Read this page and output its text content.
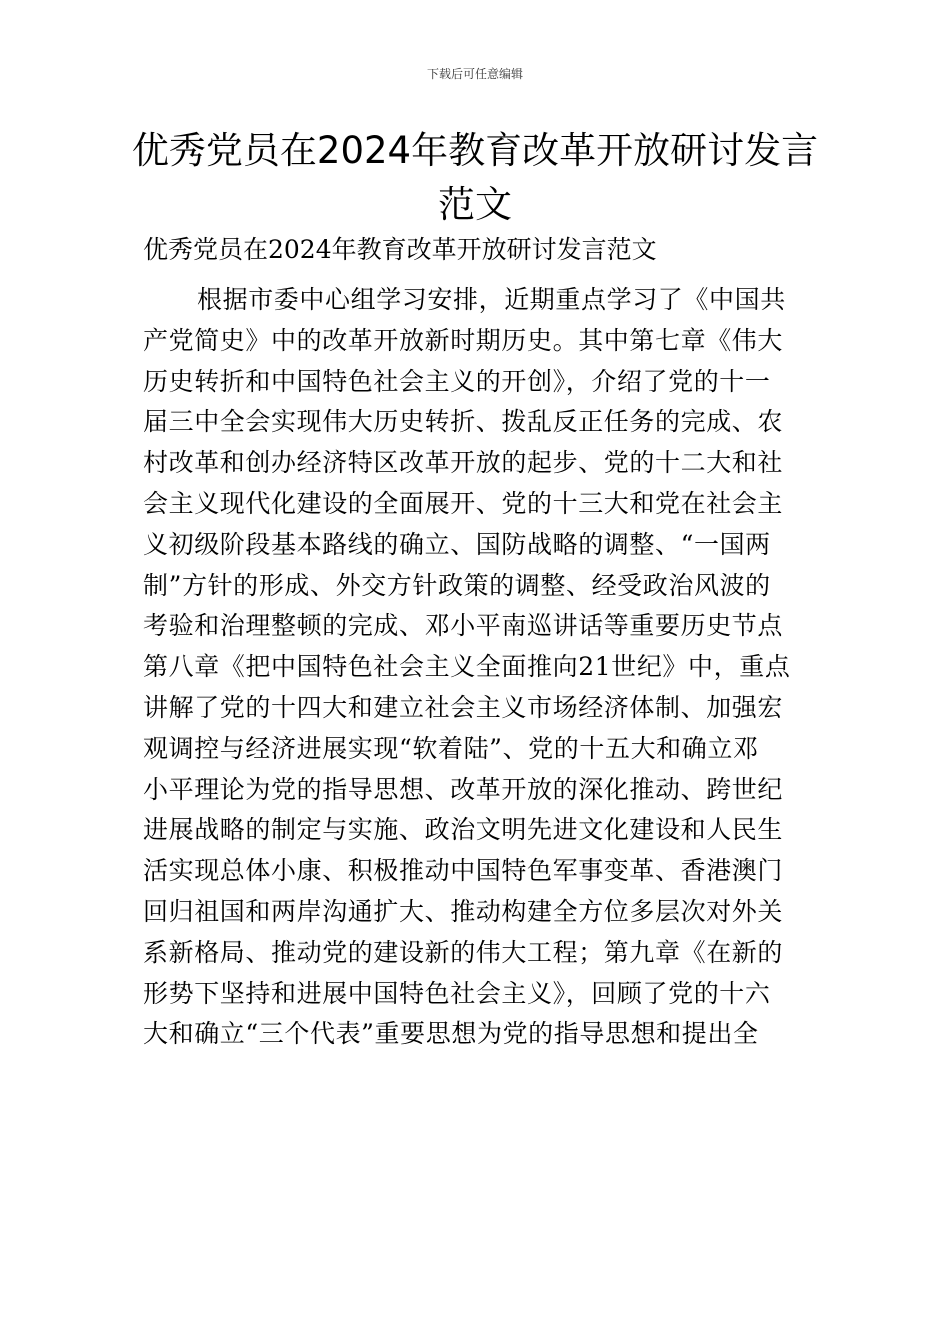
下载后可任意编辑
优秀党员在2024年教育改革开放研讨发言
范文

优秀党员在2024年教育改革开放研讨发言范文

根据市委中心组学习安排，近期重点学习了《中国共
产党简史》中的改革开放新时期历史。其中第七章《伟大
历史转折和中国特色社会主义的开创》，介绍了党的十一
届三中全会实现伟大历史转折、拨乱反正任务的完成、农
村改革和创办经济特区改革开放的起步、党的十二大和社
会主义现代化建设的全面展开、党的十三大和党在社会主
义初级阶段基本路线的确立、国防战略的调整、“一国两
制”方针的形成、外交方针政策的调整、经受政治风波的
考验和治理整顿的完成、邓小平南巡讲话等重要历史节点
第八章《把中国特色社会主义全面推向21世纪》中，重点
讲解了党的十四大和建立社会主义市场经济体制、加强宏
观调控与经济进展实现“软着陆”、党的十五大和确立邓
小平理论为党的指导思想、改革开放的深化推动、跨世纪
进展战略的制定与实施、政治文明先进文化建设和人民生
活实现总体小康、积极推动中国特色军事变革、香港澳门
回归祖国和两岸沟通扩大、推动构建全方位多层次对外关
系新格局、推动党的建设新的伟大工程；第九章《在新的
形势下坚持和进展中国特色社会主义》，回顾了党的十六
大和确立“三个代表”重要思想为党的指导思想和提出全
